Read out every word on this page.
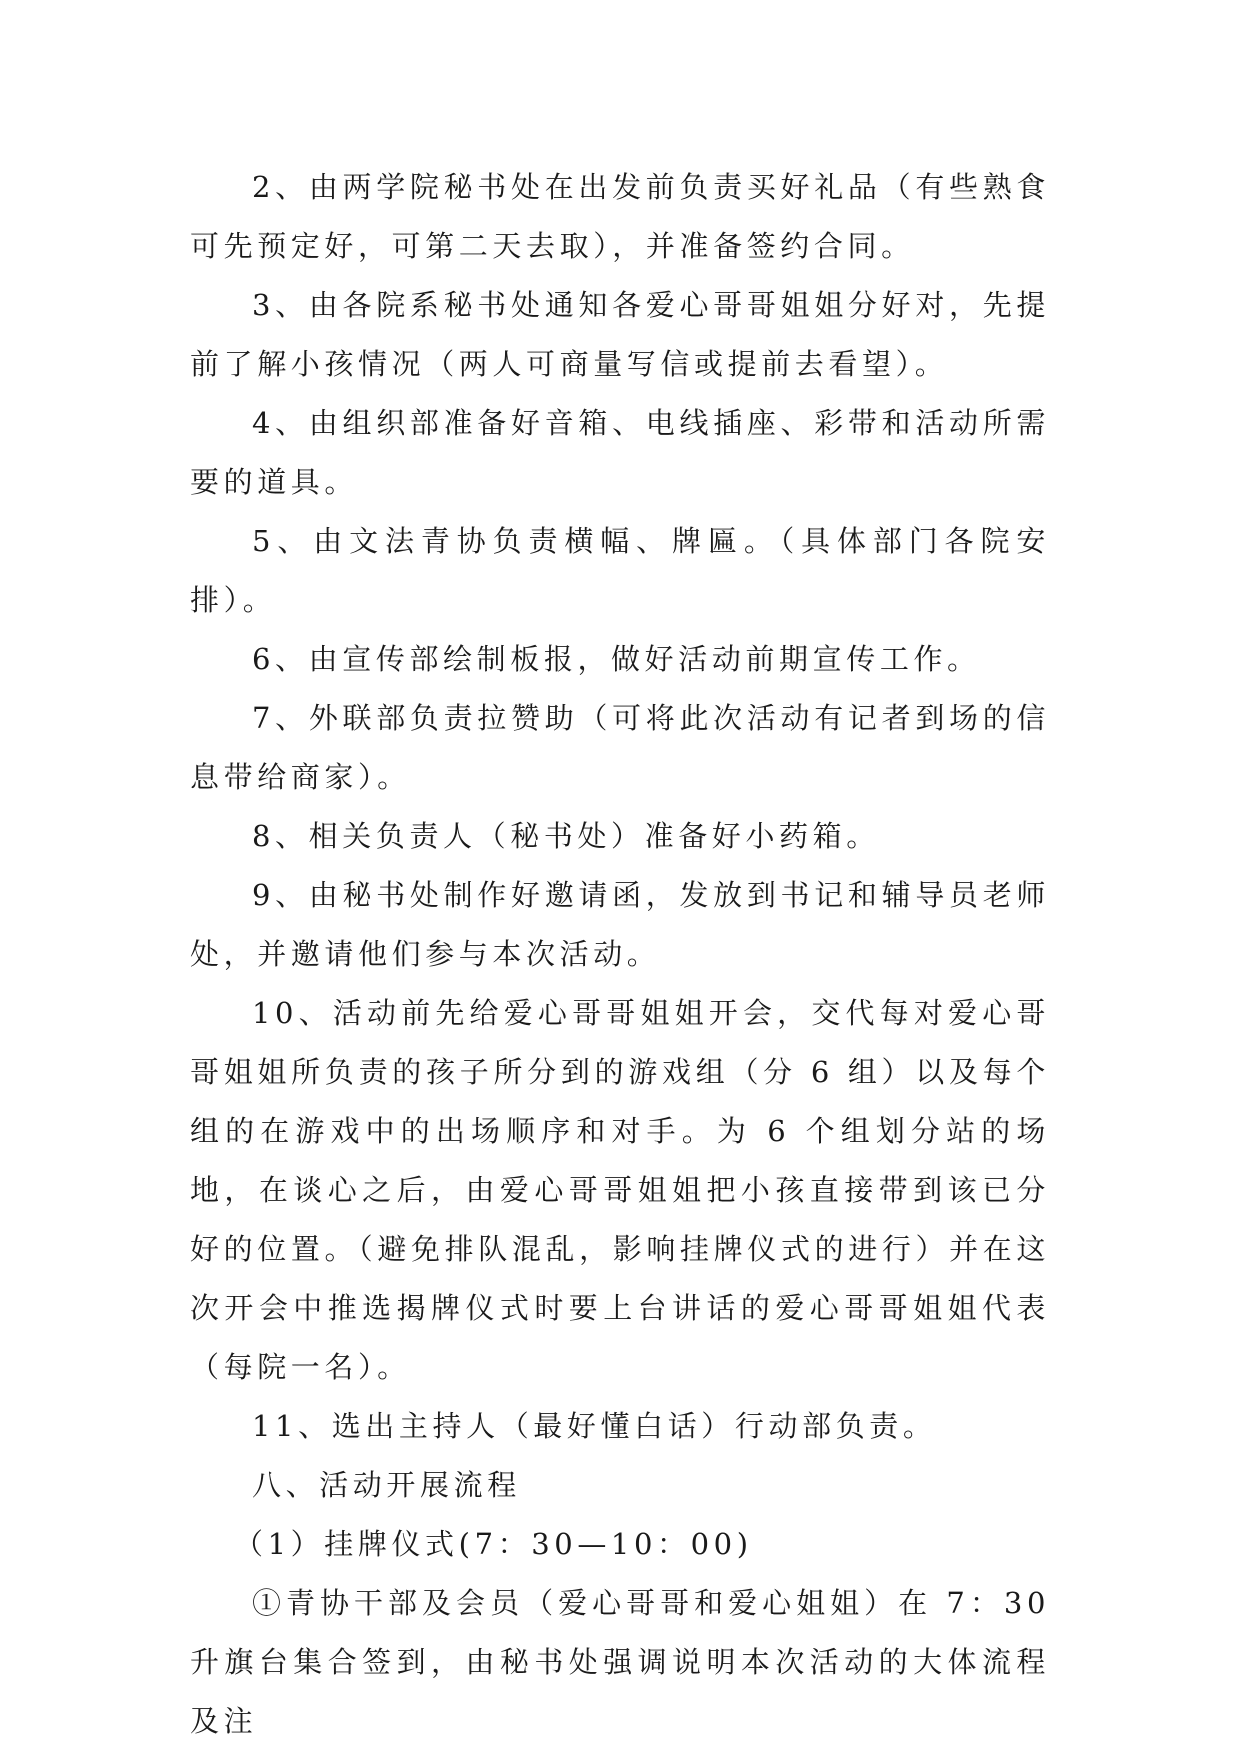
2、由两学院秘书处在出发前负责买好礼品（有些熟食可先预定好，可第二天去取），并准备签约合同。

3、由各院系秘书处通知各爱心哥哥姐姐分好对，先提前了解小孩情况（两人可商量写信或提前去看望）。

4、由组织部准备好音箱、电线插座、彩带和活动所需要的道具。

5、由文法青协负责横幅、牌匾。（具体部门各院安排）。

6、由宣传部绘制板报，做好活动前期宣传工作。

7、外联部负责拉赞助（可将此次活动有记者到场的信息带给商家）。

8、相关负责人（秘书处）准备好小药箱。

9、由秘书处制作好邀请函，发放到书记和辅导员老师处，并邀请他们参与本次活动。

10、活动前先给爱心哥哥姐姐开会，交代每对爱心哥哥姐姐所负责的孩子所分到的游戏组（分 6 组）以及每个组的在游戏中的出场顺序和对手。为 6 个组划分站的场地，在谈心之后，由爱心哥哥姐姐把小孩直接带到该已分好的位置。（避免排队混乱，影响挂牌仪式的进行）并在这次开会中推选揭牌仪式时要上台讲话的爱心哥哥姐姐代表（每院一名）。

11、选出主持人（最好懂白话）行动部负责。

八、活动开展流程

（1）挂牌仪式(7：30—10：00)

①青协干部及会员（爱心哥哥和爱心姐姐）在 7：30 升旗台集合签到，由秘书处强调说明本次活动的大体流程及注
